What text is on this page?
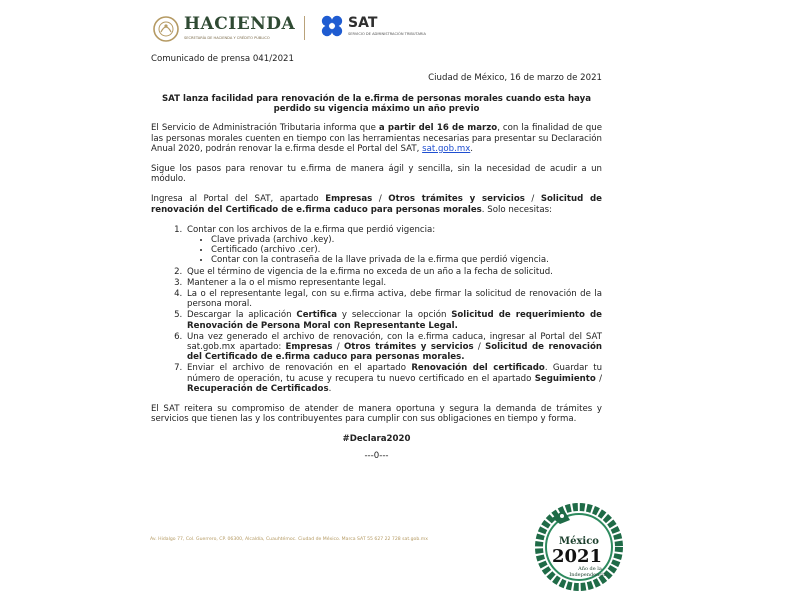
HACIENDA
SECRETARÍA DE HACIENDA Y CRÉDITO PÚBLICO
SAT
SERVICIO DE ADMINISTRACIÓN TRIBUTARIA
Comunicado de prensa 041/2021
Ciudad de México, 16 de marzo de 2021
SAT lanza facilidad para renovación de la e.firma de personas morales cuando esta haya perdido su vigencia máximo un año previo
El Servicio de Administración Tributaria informa que a partir del 16 de marzo, con la finalidad de que las personas morales cuenten en tiempo con las herramientas necesarias para presentar su Declaración Anual 2020, podrán renovar la e.firma desde el Portal del SAT, sat.gob.mx.
Sigue los pasos para renovar tu e.firma de manera ágil y sencilla, sin la necesidad de acudir a un módulo.
Ingresa al Portal del SAT, apartado Empresas / Otros trámites y servicios / Solicitud de renovación del Certificado de e.firma caduco para personas morales. Solo necesitas:
1. Contar con los archivos de la e.firma que perdió vigencia:
• Clave privada (archivo .key).
• Certificado (archivo .cer).
• Contar con la contraseña de la llave privada de la e.firma que perdió vigencia.
2. Que el término de vigencia de la e.firma no exceda de un año a la fecha de solicitud.
3. Mantener a la o el mismo representante legal.
4. La o el representante legal, con su e.firma activa, debe firmar la solicitud de renovación de la persona moral.
5. Descargar la aplicación Certifica y seleccionar la opción Solicitud de requerimiento de Renovación de Persona Moral con Representante Legal.
6. Una vez generado el archivo de renovación, con la e.firma caduca, ingresar al Portal del SAT sat.gob.mx apartado: Empresas / Otros trámites y servicios / Solicitud de renovación del Certificado de e.firma caduco para personas morales.
7. Enviar el archivo de renovación en el apartado Renovación del certificado. Guardar tu número de operación, tu acuse y recupera tu nuevo certificado en el apartado Seguimiento / Recuperación de Certificados.
El SAT reitera su compromiso de atender de manera oportuna y segura la demanda de trámites y servicios que tienen las y los contribuyentes para cumplir con sus obligaciones en tiempo y forma.
#Declara2020
---0---
Av. Hidalgo 77, Col. Guerrero, CP. 06300, Alcaldía, Cuauhtémoc. Ciudad de México. Marca SAT 55 627 22 728 sat.gob.mx	México
2021
Año de la
Independencia
